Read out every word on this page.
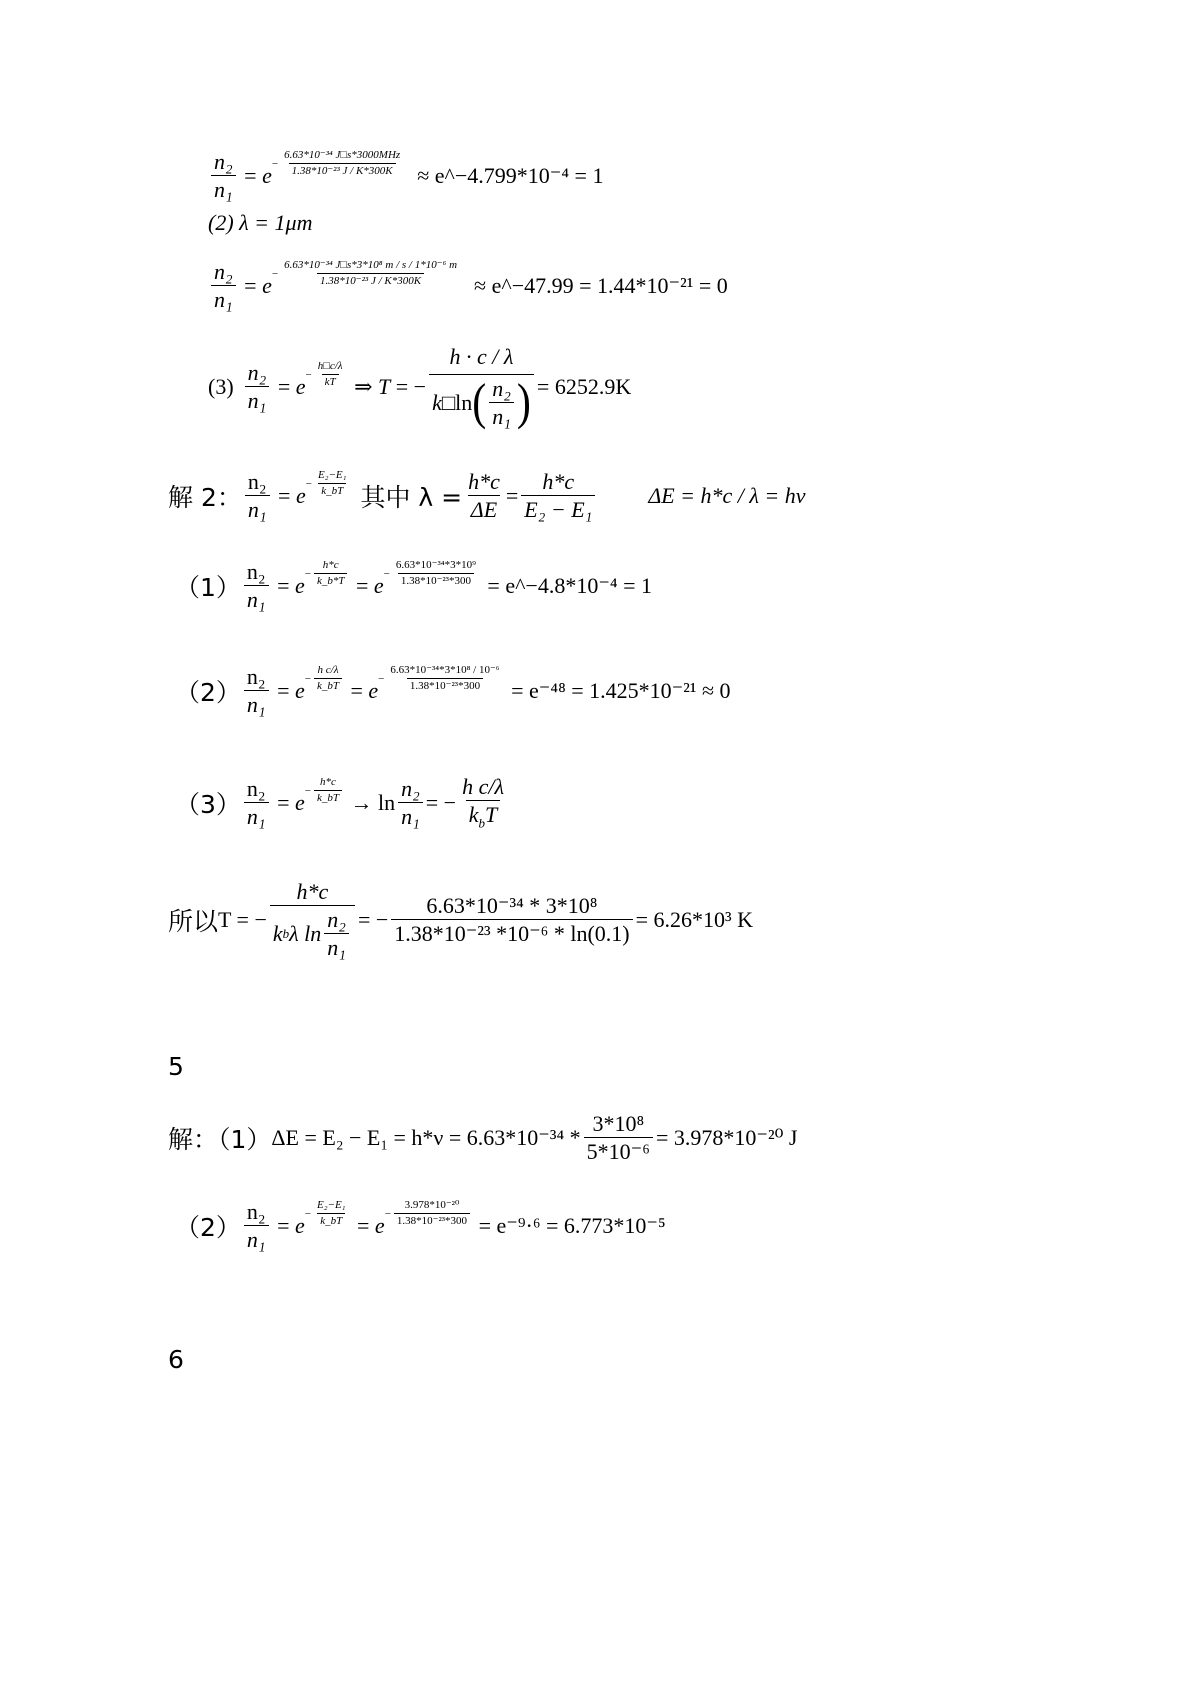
$\frac{\text{n₂}}{\text{n₁}} = e - \frac{\text{6.63*10⁻³⁴ J□s*3000MHz}}{\text{1.38*10⁻²³ J / K*300K}}$
≈ e^−4.799*10⁻⁴ = 1
(2) λ = 1μm
$\frac{\text{n₂}}{\text{n₁}} = e - \frac{\text{6.63*10⁻³⁴ J□s*3*10⁸ m / s / 1*10⁻⁶ m}}{\text{1.38*10⁻²³ J / K*300K}}$
≈ e^−47.99 = 1.44*10⁻²¹ = 0
$(3) \frac{\text{n₂}}{\text{n₁}} = e - \frac{h□c/\lambda}{kT}$ ⇒ T = − $\frac{h \cdot c / \lambda}{k □\ln ( \frac{\text{n₂}}{\text{n₁}} )} = 6252.9K$
解 2： $\frac{\text{n₂}}{\text{n₁}} = e - \frac{\text{E₂−E₁}}{k\_bT}$ 其中 $\lambda = \frac{h*c}{\Delta E} = \frac{h*c}{\text{E₂ − E₁}}$ ΔE = h*c / λ = hν
$(1) \frac{\text{n₂}}{\text{n₁}} = e - \frac{h*c}{k\_b*T} = e - \frac{\text{6.63*10⁻³⁴*3*10⁹}}{\text{1.38*10⁻²³*300}}$
= e^−4.8*10⁻⁴ = 1
$(2) \frac{\text{n₂}}{\text{n₁}} = e - \frac{\text{h c/λ}}{k\_bT} = e - \frac{\text{6.63*10⁻³⁴*3*10⁸ / 10⁻⁶}}{\text{1.38*10⁻²³*300}}$
= e⁻⁴⁸ = 1.425*10⁻²¹ ≈ 0
$(3) \frac{\text{n₂}}{\text{n₁}} = e - \frac{h*c}{k\_bT} \to \ln \frac{\text{n₂}}{\text{n₁}}$ = − $\frac{\text{h c/λ}}{k_bT}$
所以 T = − $\frac{h*c}{k b \lambda \ln \frac{\text{n₂}}{\text{n₁}}}$ = − $\frac{\text{6.63*10⁻³⁴ * 3*10⁸}}{\text{1.38*10⁻²³ *10⁻⁶ * ln(0.1)}} = 6.26*10^3$ K
5
解：（1） $\Delta E = E_2 - E_1 = h*\nu = 6.63*10^{-34} * \frac{\text{3*10⁸}}{\text{5*10⁻⁶}} = 3.978*10^{-20}$ J
$(2) \frac{\text{n₂}}{\text{n₁}} = e - \frac{\text{E₂−E₁}}{k\_bT} = e - \frac{\text{3.978*10⁻²⁰}}{\text{1.38*10⁻²³*300}}$
= e⁻⁹·⁶ = 6.773*10⁻⁵
6
